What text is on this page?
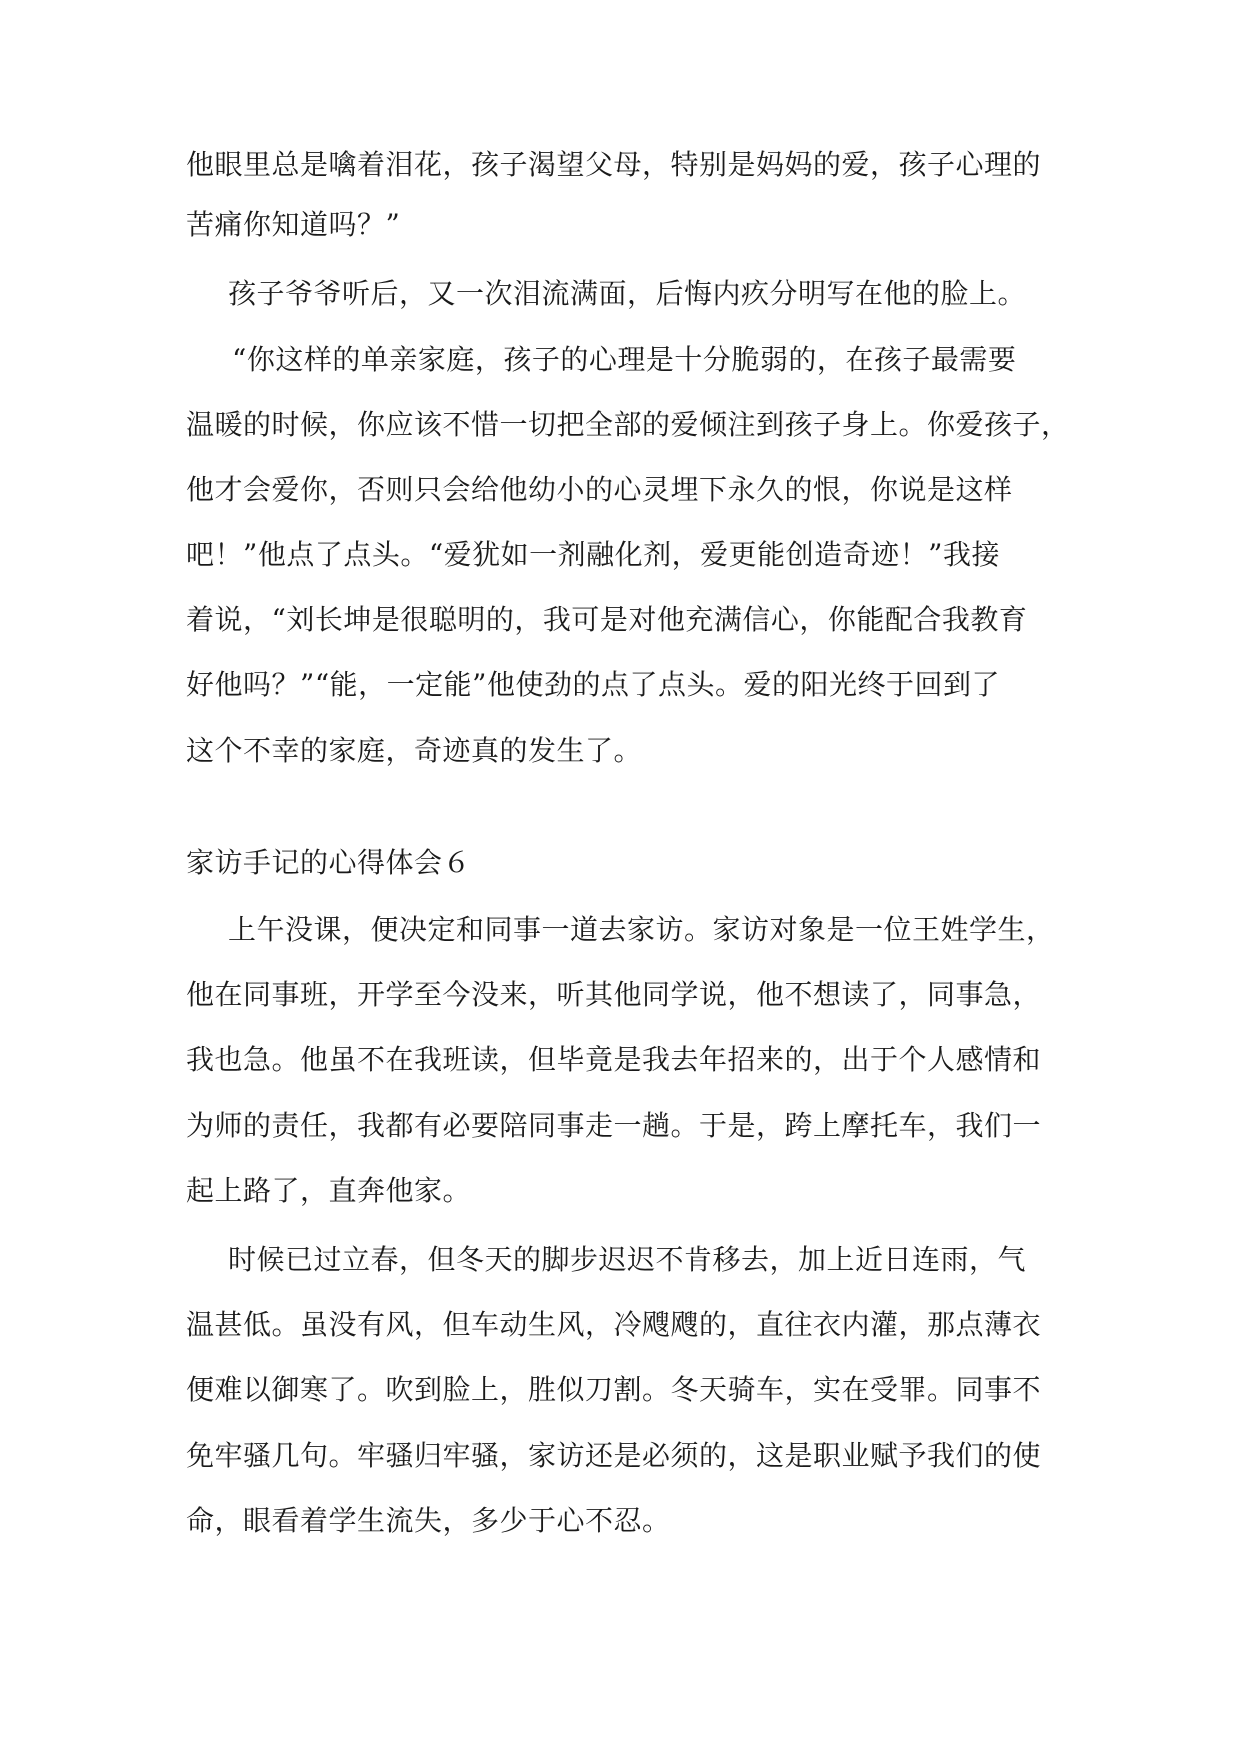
他眼里总是噙着泪花，孩子渴望父母，特别是妈妈的爱，孩子心理的
苦痛你知道吗？”
孩子爷爷听后，又一次泪流满面，后悔内疚分明写在他的脸上。
“你这样的单亲家庭，孩子的心理是十分脆弱的，在孩子最需要
温暖的时候，你应该不惜一切把全部的爱倾注到孩子身上。你爱孩子，
他才会爱你，否则只会给他幼小的心灵埋下永久的恨，你说是这样
吧！”他点了点头。“爱犹如一剂融化剂，爱更能创造奇迹！”我接
着说，“刘长坤是很聪明的，我可是对他充满信心，你能配合我教育
好他吗？”“能，一定能”他使劲的点了点头。爱的阳光终于回到了
这个不幸的家庭，奇迹真的发生了。
家访手记的心得体会６
上午没课，便决定和同事一道去家访。家访对象是一位王姓学生，
他在同事班，开学至今没来，听其他同学说，他不想读了，同事急，
我也急。他虽不在我班读，但毕竟是我去年招来的，出于个人感情和
为师的责任，我都有必要陪同事走一趟。于是，跨上摩托车，我们一
起上路了，直奔他家。
时候已过立春，但冬天的脚步迟迟不肯移去，加上近日连雨，气
温甚低。虽没有风，但车动生风，冷飕飕的，直往衣内灌，那点薄衣
便难以御寒了。吹到脸上，胜似刀割。冬天骑车，实在受罪。同事不
免牢骚几句。牢骚归牢骚，家访还是必须的，这是职业赋予我们的使
命，眼看着学生流失，多少于心不忍。
